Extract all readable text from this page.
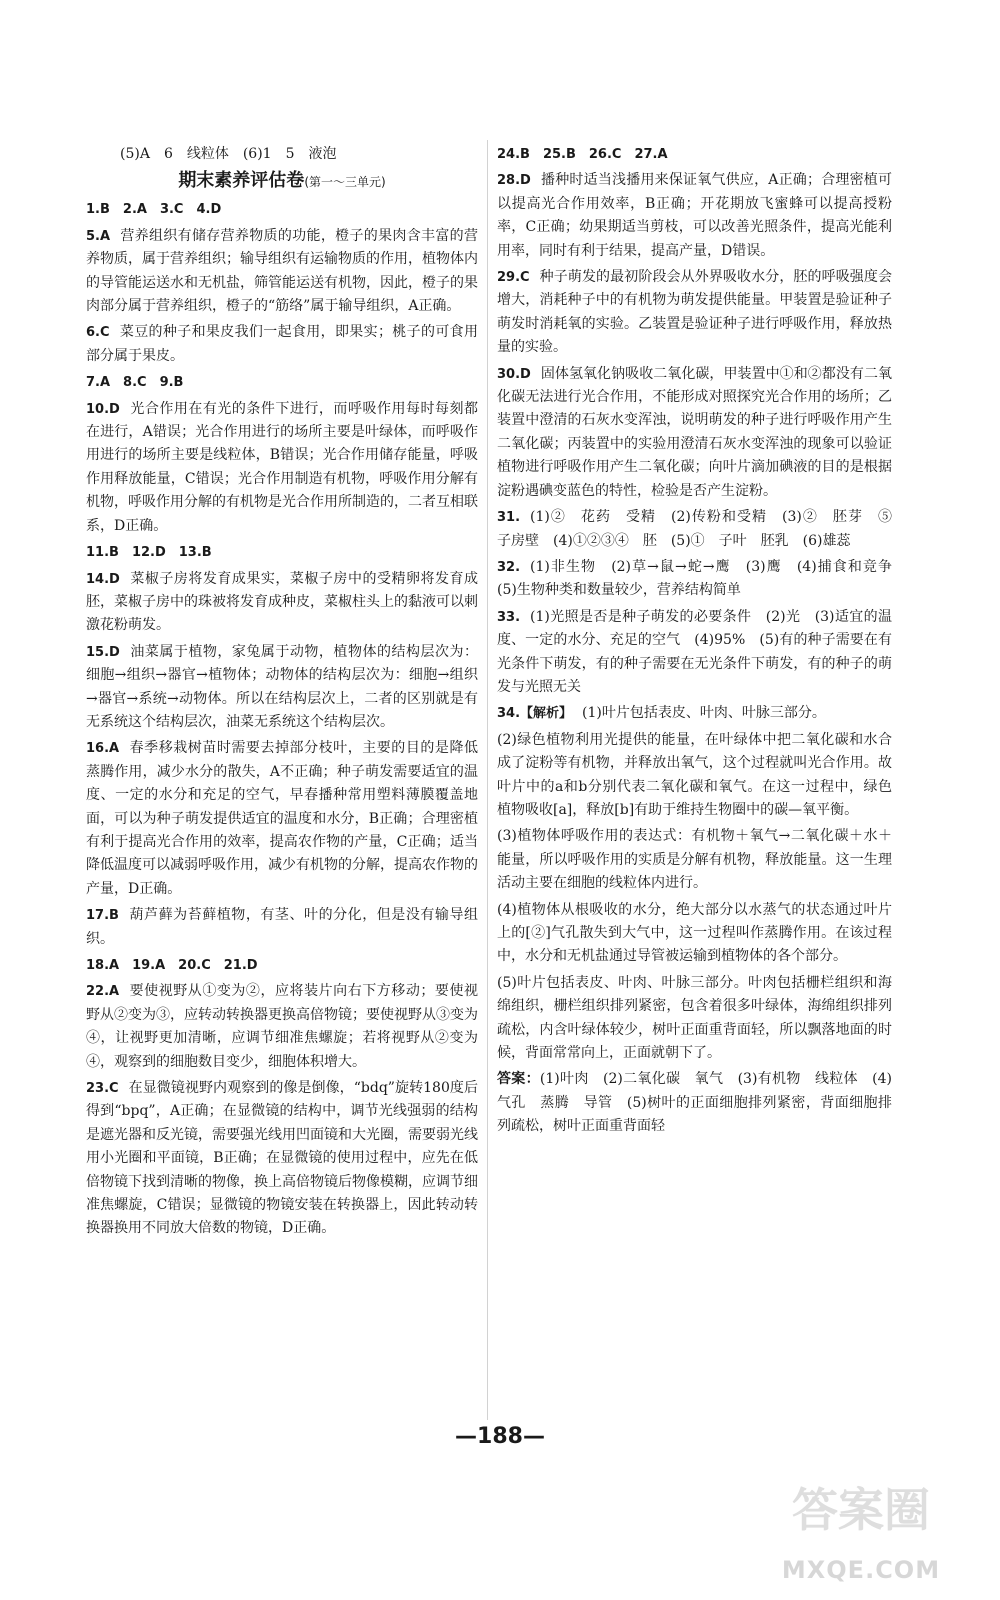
(5)A　6　线粒体　(6)1　5　液泡

期末素养评估卷(第一～三单元)

1.B　2.A　3.C　4.D

5.A 营养组织有储存营养物质的功能，橙子的果肉含丰富的营养物质，属于营养组织；输导组织有运输物质的作用，植物体内的导管能运送水和无机盐，筛管能运送有机物，因此，橙子的果肉部分属于营养组织，橙子的“筋络”属于输导组织，A正确。

6.C 菜豆的种子和果皮我们一起食用，即果实；桃子的可食用部分属于果皮。

7.A　8.C　9.B

10.D 光合作用在有光的条件下进行，而呼吸作用每时每刻都在进行，A错误；光合作用进行的场所主要是叶绿体，而呼吸作用进行的场所主要是线粒体，B错误；光合作用储存能量，呼吸作用释放能量，C错误；光合作用制造有机物，呼吸作用分解有机物，呼吸作用分解的有机物是光合作用所制造的，二者互相联系，D正确。

11.B　12.D　13.B

14.D 菜椒子房将发育成果实，菜椒子房中的受精卵将发育成胚，菜椒子房中的珠被将发育成种皮，菜椒柱头上的黏液可以刺激花粉萌发。

15.D 油菜属于植物，家兔属于动物，植物体的结构层次为：细胞→组织→器官→植物体；动物体的结构层次为：细胞→组织→器官→系统→动物体。所以在结构层次上，二者的区别就是有无系统这个结构层次，油菜无系统这个结构层次。

16.A 春季移栽树苗时需要去掉部分枝叶，主要的目的是降低蒸腾作用，减少水分的散失，A不正确；种子萌发需要适宜的温度、一定的水分和充足的空气，早春播种常用塑料薄膜覆盖地面，可以为种子萌发提供适宜的温度和水分，B正确；合理密植有利于提高光合作用的效率，提高农作物的产量，C正确；适当降低温度可以减弱呼吸作用，减少有机物的分解，提高农作物的产量，D正确。

17.B 葫芦藓为苔藓植物，有茎、叶的分化，但是没有输导组织。

18.A　19.A　20.C　21.D

22.A 要使视野从①变为②，应将装片向右下方移动；要使视野从②变为③，应转动转换器更换高倍物镜；要使视野从③变为④，让视野更加清晰，应调节细准焦螺旋；若将视野从②变为④，观察到的细胞数目变少，细胞体积增大。

23.C 在显微镜视野内观察到的像是倒像，“bdq”旋转180度后得到“bpq”，A正确；在显微镜的结构中，调节光线强弱的结构是遮光器和反光镜，需要强光线用凹面镜和大光圈，需要弱光线用小光圈和平面镜，B正确；在显微镜的使用过程中，应先在低倍物镜下找到清晰的物像，换上高倍物镜后物像模糊，应调节细准焦螺旋，C错误；显微镜的物镜安装在转换器上，因此转动转换器换用不同放大倍数的物镜，D正确。

24.B　25.B　26.C　27.A

28.D 播种时适当浅播用来保证氧气供应，A正确；合理密植可以提高光合作用效率，B正确；开花期放飞蜜蜂可以提高授粉率，C正确；幼果期适当剪枝，可以改善光照条件，提高光能利用率，同时有利于结果，提高产量，D错误。

29.C 种子萌发的最初阶段会从外界吸收水分，胚的呼吸强度会增大，消耗种子中的有机物为萌发提供能量。甲装置是验证种子萌发时消耗氧的实验。乙装置是验证种子进行呼吸作用，释放热量的实验。

30.D 固体氢氧化钠吸收二氧化碳，甲装置中①和②都没有二氧化碳无法进行光合作用，不能形成对照探究光合作用的场所；乙装置中澄清的石灰水变浑浊，说明萌发的种子进行呼吸作用产生二氧化碳；丙装置中的实验用澄清石灰水变浑浊的现象可以验证植物进行呼吸作用产生二氧化碳；向叶片滴加碘液的目的是根据淀粉遇碘变蓝色的特性，检验是否产生淀粉。

31. (1)②　花药　受精　(2)传粉和受精　(3)②　胚芽　⑤　子房壁　(4)①②③④　胚　(5)①　子叶　胚乳　(6)雄蕊

32. (1)非生物　(2)草→鼠→蛇→鹰　(3)鹰　(4)捕食和竞争　(5)生物种类和数量较少，营养结构简单

33. (1)光照是否是种子萌发的必要条件　(2)光　(3)适宜的温度、一定的水分、充足的空气　(4)95%　(5)有的种子需要在有光条件下萌发，有的种子需要在无光条件下萌发，有的种子的萌发与光照无关

34.【解析】 (1)叶片包括表皮、叶肉、叶脉三部分。

(2)绿色植物利用光提供的能量，在叶绿体中把二氧化碳和水合成了淀粉等有机物，并释放出氧气，这个过程就叫光合作用。故叶片中的a和b分别代表二氧化碳和氧气。在这一过程中，绿色植物吸收[a]，释放[b]有助于维持生物圈中的碳—氧平衡。

(3)植物体呼吸作用的表达式：有机物＋氧气→二氧化碳＋水＋能量，所以呼吸作用的实质是分解有机物，释放能量。这一生理活动主要在细胞的线粒体内进行。

(4)植物体从根吸收的水分，绝大部分以水蒸气的状态通过叶片上的[②]气孔散失到大气中，这一过程叫作蒸腾作用。在该过程中，水分和无机盐通过导管被运输到植物体的各个部分。

(5)叶片包括表皮、叶肉、叶脉三部分。叶肉包括栅栏组织和海绵组织，栅栏组织排列紧密，包含着很多叶绿体，海绵组织排列疏松，内含叶绿体较少，树叶正面重背面轻，所以飘落地面的时候，背面常常向上，正面就朝下了。

答案：(1)叶肉　(2)二氧化碳　氧气　(3)有机物　线粒体　(4)气孔　蒸腾　导管　(5)树叶的正面细胞排列紧密，背面细胞排列疏松，树叶正面重背面轻

—188—
答案圈
MXQE.COM
